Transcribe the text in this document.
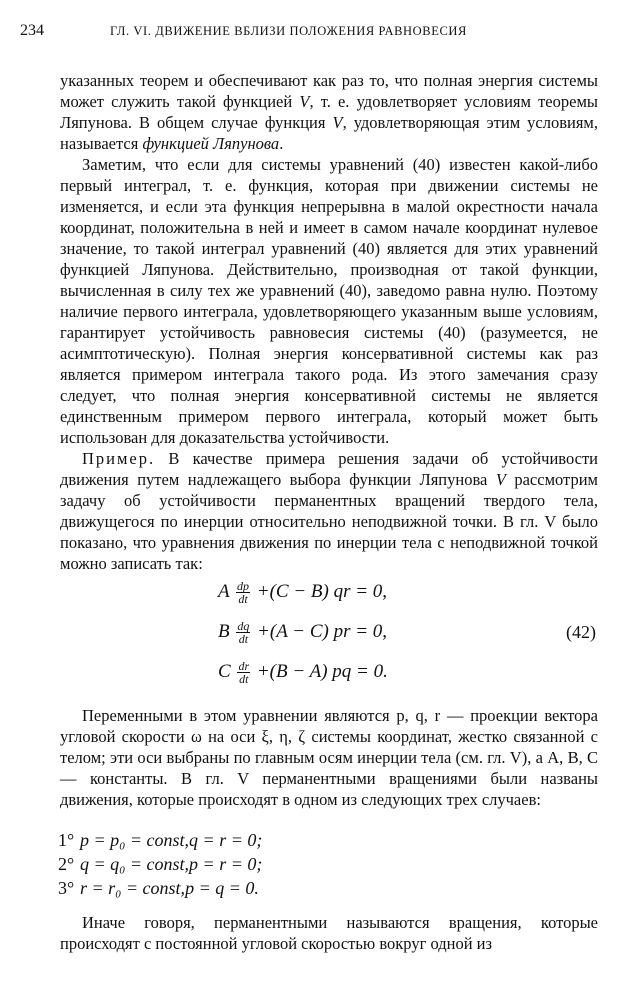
234	ГЛ. VI. ДВИЖЕНИЕ ВБЛИЗИ ПОЛОЖЕНИЯ РАВНОВЕСИЯ

указанных теорем и обеспечивают как раз то, что полная энергия системы может служить такой функцией V, т. е. удовлетворяет условиям теоремы Ляпунова. В общем случае функция V, удовлетворяющая этим условиям, называется функцией Ляпунова.

Заметим, что если для системы уравнений (40) известен какой-либо первый интеграл, т. е. функция, которая при движении системы не изменяется, и если эта функция непрерывна в малой окрестности начала координат, положительна в ней и имеет в самом начале координат нулевое значение, то такой интеграл уравнений (40) является для этих уравнений функцией Ляпунова. Действительно, производная от такой функции, вычисленная в силу тех же уравнений (40), заведомо равна нулю. Поэтому наличие первого интеграла, удовлетворяющего указанным выше условиям, гарантирует устойчивость равновесия системы (40) (разумеется, не асимптотическую). Полная энергия консервативной системы как раз является примером интеграла такого рода. Из этого замечания сразу следует, что полная энергия консервативной системы не является единственным примером первого интеграла, который может быть использован для доказательства устойчивости.

Пример. В качестве примера решения задачи об устойчивости движения путем надлежащего выбора функции Ляпунова V рассмотрим задачу об устойчивости перманентных вращений твердого тела, движущегося по инерции относительно неподвижной точки. В гл. V было показано, что уравнения движения по инерции тела с неподвижной точкой можно записать так:

A $\frac{dp}{dt} +(C - B)$ qr = 0,
B $\frac{dq}{dt} +(A - C)$ pr = 0,
C $\frac{dr}{dt} +(B - A)$ pq = 0.
(42)

Переменными в этом уравнении являются p, q, r — проекции вектора угловой скорости ω на оси ξ, η, ζ системы координат, жестко связанной с телом; эти оси выбраны по главным осям инерции тела (см. гл. V), а A, B, C — константы. В гл. V перманентными вращениями были названы движения, которые происходят в одном из следующих трех случаев:

1° p = p₀ = const,q = r = 0;
2° q = q₀ = const,p = r = 0;
3° r = r₀ = const,p = q = 0.

Иначе говоря, перманентными называются вращения, которые происходят с постоянной угловой скоростью вокруг одной из
